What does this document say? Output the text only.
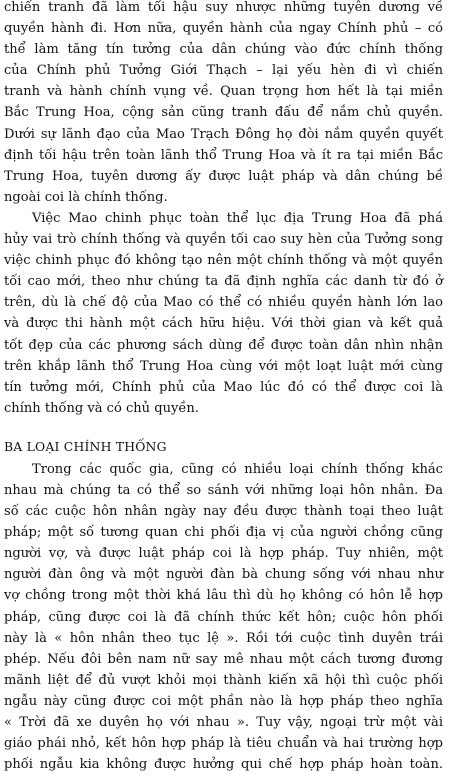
chiến tranh đã làm tổi hậu suy nhược những tuyên dương về
quyền hành đi. Hơn nữa, quyền hành của ngay Chính phủ – có
thể làm tăng tín tưởng của dân chúng vào đức chính thống
của Chính phủ Tưởng Giới Thạch – lại yếu hèn đi vì chiến
tranh và hành chính vụng về. Quan trọng hơn hết là tại miền
Bắc Trung Hoa, cộng sản cũng tranh đấu để nắm chủ quyền.
Dưới sự lãnh đạo của Mao Trạch Đông họ đòi nắm quyền quyết
định tối hậu trên toàn lãnh thổ Trung Hoa và ít ra tại miền Bắc
Trung Hoa, tuyên dương ấy được luật pháp và dân chúng bề
ngoài coi là chính thống.
Việc Mao chinh phục toàn thể lục địa Trung Hoa đã phá
hủy vai trò chính thống và quyền tối cao suy hèn của Tưởng song
việc chinh phục đó không tạo nên một chính thống và một quyền
tối cao mới, theo như chúng ta đã định nghĩa các danh từ đó ở
trên, dù là chế độ của Mao có thể có nhiều quyền hành lớn lao
và được thi hành một cách hữu hiệu. Với thời gian và kết quả
tốt đẹp của các phương sách dùng để được toàn dân nhìn nhận
trên khắp lãnh thổ Trung Hoa cùng với một loạt luật mới cùng
tín tưởng mới, Chính phủ của Mao lúc đó có thể được coi là
chính thống và có chủ quyền.
BA LOẠI CHÍNH THỐNG
Trong các quốc gia, cũng có nhiều loại chính thống khác
nhau mà chúng ta có thể so sánh với những loại hôn nhân. Đa
số các cuộc hôn nhân ngày nay đều được thành toại theo luật
pháp; một số tương quan chi phối địa vị của người chồng cũng
người vợ, và được luật pháp coi là hợp pháp. Tuy nhiên, một
người đàn ông và một người đàn bà chung sống với nhau như
vợ chồng trong một thời khá lâu thì dù họ không có hôn lễ hợp
pháp, cũng được coi là đã chính thức kết hôn; cuộc hôn phối
này là « hôn nhân theo tục lệ ». Rồi tới cuộc tình duyên trái
phép. Nếu đôi bên nam nữ say mê nhau một cách tương đương
mãnh liệt để đủ vượt khỏi mọi thành kiến xã hội thì cuộc phối
ngẫu này cũng được coi một phần nào là hợp pháp theo nghĩa
« Trời đã xe duyên họ với nhau ». Tuy vậy, ngoại trừ một vài
giáo phái nhỏ, kết hôn hợp pháp là tiêu chuẩn và hai trường hợp
phối ngẫu kia không được hưởng qui chế hợp pháp hoàn toàn.
